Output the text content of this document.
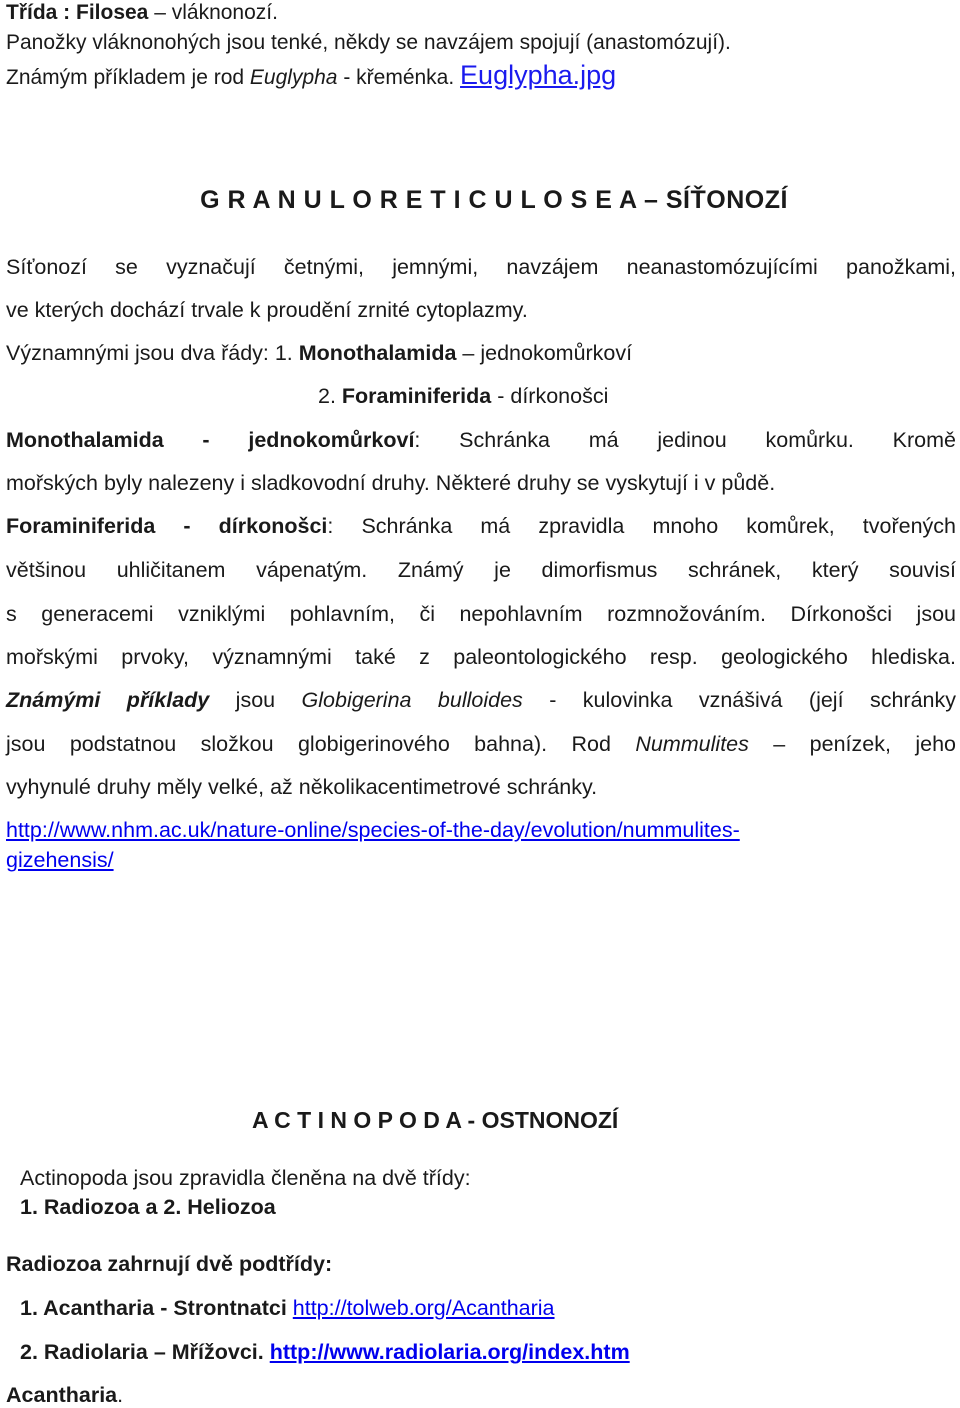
Třída : Filosea – vláknonozí.
Panožky vláknonohých jsou tenké, někdy se navzájem spojují (anastomózují).
Známým příkladem je rod Euglypha - křeménka. Euglypha.jpg
G R A N U L O R E T I C U L O S E A – SÍŤONOZÍ
Síťonozí se vyznačují četnými, jemnými, navzájem neanastomózujícími panožkami,
ve kterých dochází trvale k proudění zrnité cytoplazmy.
Významnými jsou dva řády: 1. Monothalamida – jednokomůrkoví
2. Foraminiferida - dírkonošci
Monothalamida - jednokomůrkoví: Schránka má jedinou komůrku. Kromě
mořských byly nalezeny i sladkovodní druhy. Některé druhy se vyskytují i v půdě.
Foraminiferida - dírkonošci: Schránka má zpravidla mnoho komůrek, tvořených
většinou uhličitanem vápenatým. Známý je dimorfismus schránek, který souvisí
s generacemi vzniklými pohlavním, či nepohlavním rozmnožováním. Dírkonošci jsou
mořskými prvoky, významnými také z paleontologického resp. geologického hlediska.
Známými příklady jsou Globigerina bulloides - kulovinka vznášivá (její schránky
jsou podstatnou složkou globigerinového bahna). Rod Nummulites – penízek, jeho
vyhynulé druhy měly velké, až několikacentimetrové schránky.
http://www.nhm.ac.uk/nature-online/species-of-the-day/evolution/nummulites-
gizehensis/
A C T I N O P O D A - OSTNONOZÍ
Actinopoda jsou zpravidla členěna na dvě třídy:
1. Radiozoa a 2. Heliozoa
Radiozoa zahrnují dvě podtřídy:
1. Acantharia - Strontnatci http://tolweb.org/Acantharia
2. Radiolaria – Mřížovci. http://www.radiolaria.org/index.htm
Acantharia.
